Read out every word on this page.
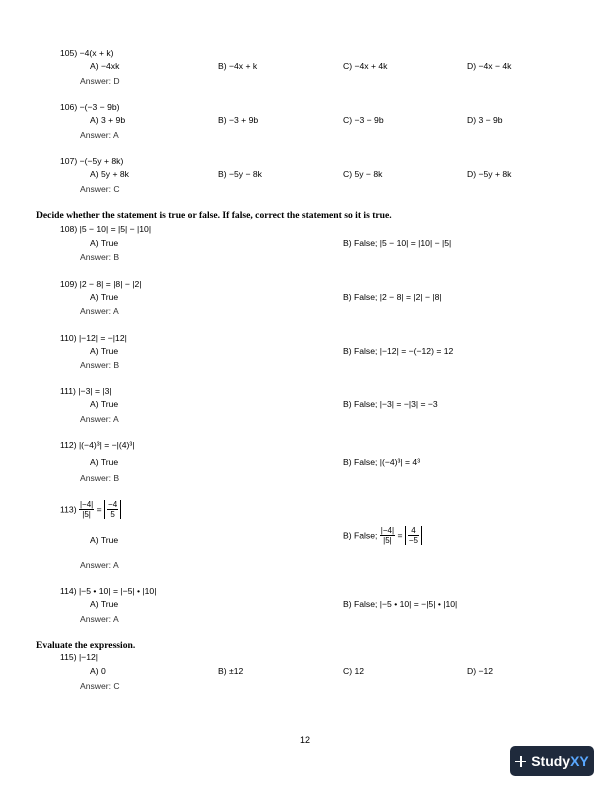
105) −4(x + k)
A) −4xk	B) −4x + k	C) −4x + 4k	D) −4x − 4k
Answer: D
106) −(−3 − 9b)
A) 3 + 9b	B) −3 + 9b	C) −3 − 9b	D) 3 − 9b
Answer: A
107) −(−5y + 8k)
A) 5y + 8k	B) −5y − 8k	C) 5y − 8k	D) −5y + 8k
Answer: C
Decide whether the statement is true or false. If false, correct the statement so it is true.
108) |5 − 10| = |5| − |10|
A) True	B) False; |5 − 10| = |10| − |5|
Answer: B
109) |2 − 8| = |8| − |2|
A) True	B) False; |2 − 8| = |2| − |8|
Answer: A
110) |−12| = −|12|
A) True	B) False; |−12| = −(−12) = 12
Answer: B
111) |−3| = |3|
A) True	B) False; |−3| = −|3| = −3
Answer: A
112) |(−4)³| = −|(4)³|
A) True	B) False; |(−4)³| = 4³
Answer: B
$113) \frac{|-4|}{|5|} = \frac{-4}{5}$
A) True	B) False; $\frac{|-4|}{|5|} = \frac{4}{-5}$
Answer: A
114) |−5 • 10| = |−5| • |10|
A) True	B) False; |−5 • 10| = −|5| • |10|
Answer: A
Evaluate the expression.
115) |−12|
A) 0	B) ±12	C) 12	D) −12
Answer: C
12
Study XY
